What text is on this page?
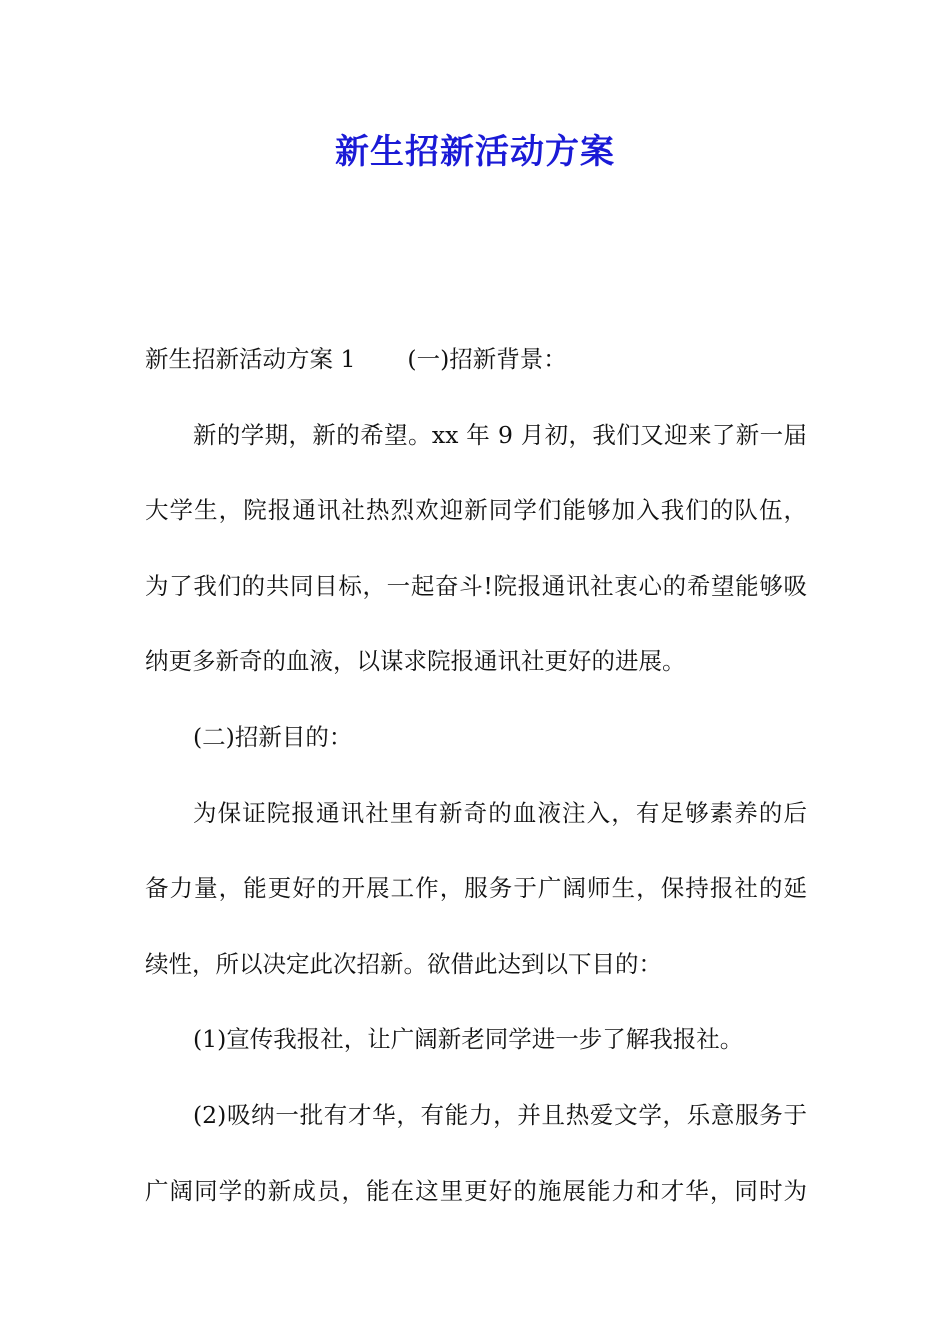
新生招新活动方案
新生招新活动方案 1 (一)招新背景：
新的学期，新的希望。xx 年 9 月初，我们又迎来了新一届
大学生，院报通讯社热烈欢迎新同学们能够加入我们的队伍，
为了我们的共同目标，一起奋斗!院报通讯社衷心的希望能够吸
纳更多新奇的血液，以谋求院报通讯社更好的进展。
(二)招新目的：
为保证院报通讯社里有新奇的血液注入，有足够素养的后
备力量，能更好的开展工作，服务于广阔师生，保持报社的延
续性，所以决定此次招新。欲借此达到以下目的：
(1)宣传我报社，让广阔新老同学进一步了解我报社。
(2)吸纳一批有才华，有能力，并且热爱文学，乐意服务于
广阔同学的新成员，能在这里更好的施展能力和才华，同时为
